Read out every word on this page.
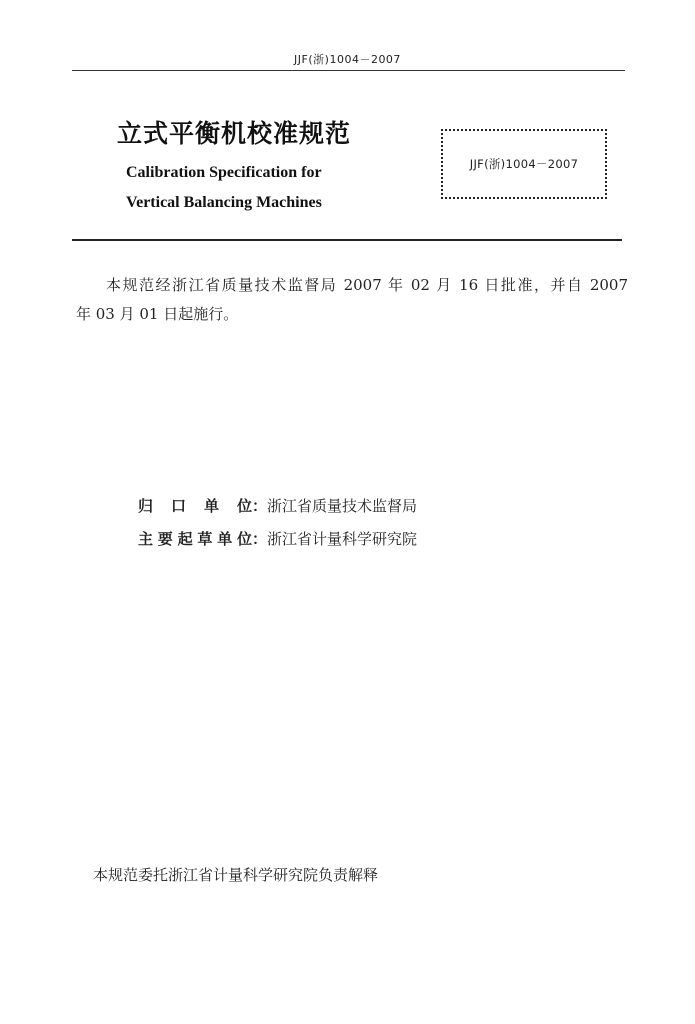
JJF(浙)1004－2007
立式平衡机校准规范
Calibration Specification for
Vertical Balancing Machines
JJF(浙)1004－2007
本规范经浙江省质量技术监督局 2007 年 02 月 16 日批准，并自 2007
年 03 月 01 日起施行。
归口单位：浙江省质量技术监督局
主要起草单位：浙江省计量科学研究院
本规范委托浙江省计量科学研究院负责解释
